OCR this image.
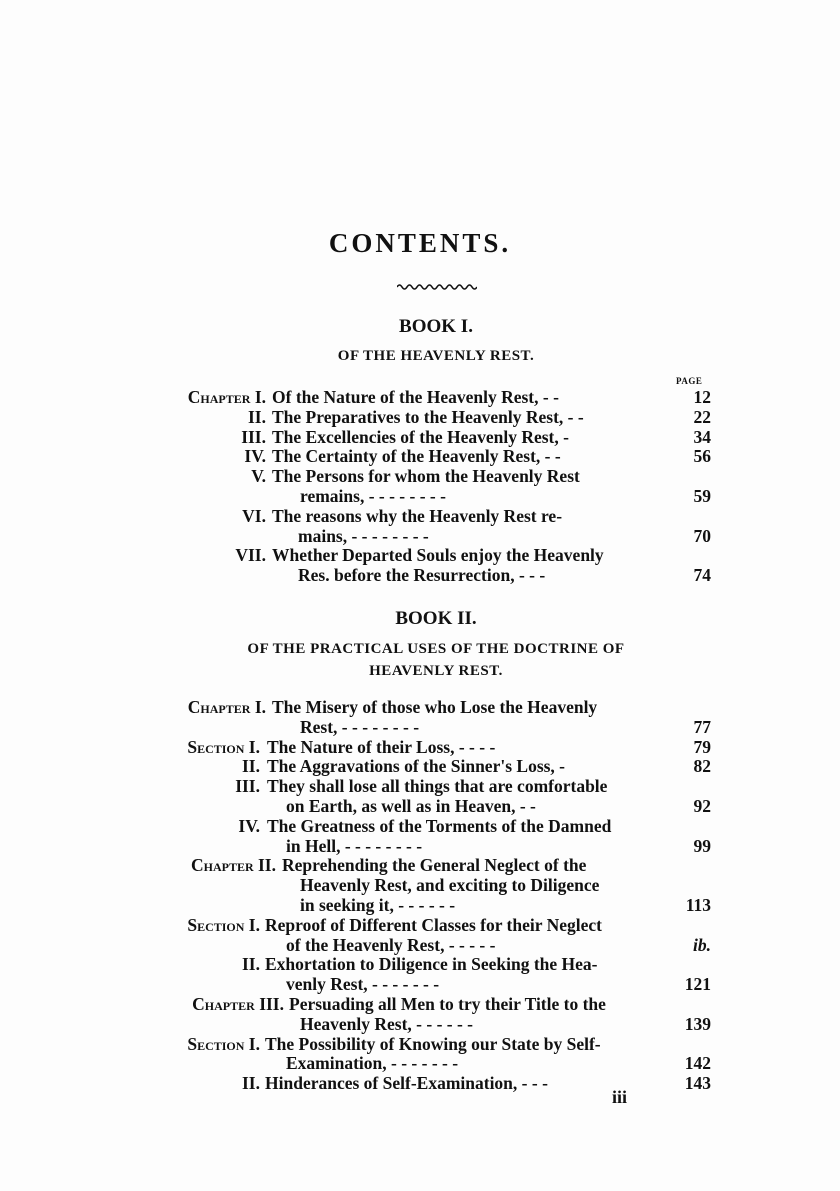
CONTENTS.
BOOK I.
OF THE HEAVENLY REST.
PAGE
Chapter I. Of the Nature of the Heavenly Rest, - -	12
II. The Preparatives to the Heavenly Rest, - -	22
III. The Excellencies of the Heavenly Rest, -	34
IV. The Certainty of the Heavenly Rest, - -	56
V. The Persons for whom the Heavenly Rest
remains, - - - - - - - -	59
VI. The reasons why the Heavenly Rest re-
mains, - - - - - - - -	70
VII. Whether Departed Souls enjoy the Heavenly
Res. before the Resurrection, - - -	74
BOOK II.
OF THE PRACTICAL USES OF THE DOCTRINE OF
HEAVENLY REST.
Chapter I. The Misery of those who Lose the Heavenly
Rest, - - - - - - - -	77
Section I. The Nature of their Loss, - - - -	79
II. The Aggravations of the Sinner's Loss, -	82
III. They shall lose all things that are comfortable
on Earth, as well as in Heaven, - -	92
IV. The Greatness of the Torments of the Damned
in Hell, - - - - - - - -	99
Chapter II. Reprehending the General Neglect of the
Heavenly Rest, and exciting to Diligence
in seeking it, - - - - - -	113
Section I. Reproof of Different Classes for their Neglect
of the Heavenly Rest, - - - - -	ib.
II. Exhortation to Diligence in Seeking the Hea-
venly Rest, - - - - - - -	121
Chapter III. Persuading all Men to try their Title to the
Heavenly Rest, - - - - - -	139
Section I. The Possibility of Knowing our State by Self-
Examination, - - - - - - -	142
II. Hinderances of Self-Examination, - - -	143
iii
